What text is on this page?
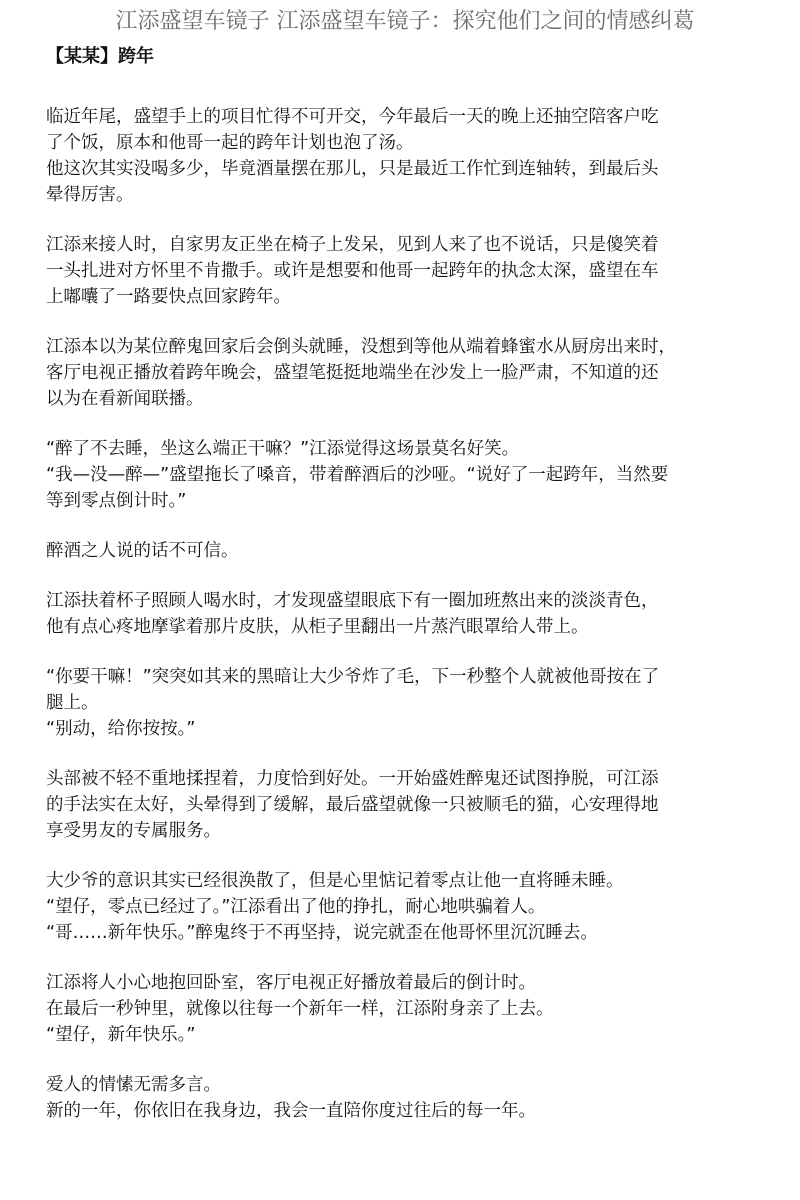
江添盛望车镜子 江添盛望车镜子：探究他们之间的情感纠葛
【某某】跨年

临近年尾，盛望手上的项目忙得不可开交，今年最后一天的晚上还抽空陪客户吃
了个饭，原本和他哥一起的跨年计划也泡了汤。
他这次其实没喝多少，毕竟酒量摆在那儿，只是最近工作忙到连轴转，到最后头
晕得厉害。

江添来接人时，自家男友正坐在椅子上发呆，见到人来了也不说话，只是傻笑着
一头扎进对方怀里不肯撒手。或许是想要和他哥一起跨年的执念太深，盛望在车
上嘟囔了一路要快点回家跨年。

江添本以为某位醉鬼回家后会倒头就睡，没想到等他从端着蜂蜜水从厨房出来时，
客厅电视正播放着跨年晚会，盛望笔挺挺地端坐在沙发上一脸严肃，不知道的还
以为在看新闻联播。

“醉了不去睡，坐这么端正干嘛？”江添觉得这场景莫名好笑。
“我—没—醉—”盛望拖长了嗓音，带着醉酒后的沙哑。“说好了一起跨年，当然要
等到零点倒计时。”

醉酒之人说的话不可信。

江添扶着杯子照顾人喝水时，才发现盛望眼底下有一圈加班熬出来的淡淡青色，
他有点心疼地摩挲着那片皮肤，从柜子里翻出一片蒸汽眼罩给人带上。

“你要干嘛！”突突如其来的黑暗让大少爷炸了毛，下一秒整个人就被他哥按在了
腿上。
“别动，给你按按。”

头部被不轻不重地揉捏着，力度恰到好处。一开始盛姓醉鬼还试图挣脱，可江添
的手法实在太好，头晕得到了缓解，最后盛望就像一只被顺毛的猫，心安理得地
享受男友的专属服务。

大少爷的意识其实已经很涣散了，但是心里惦记着零点让他一直将睡未睡。
“望仔，零点已经过了。”江添看出了他的挣扎，耐心地哄骗着人。
“哥……新年快乐。”醉鬼终于不再坚持，说完就歪在他哥怀里沉沉睡去。

江添将人小心地抱回卧室，客厅电视正好播放着最后的倒计时。
在最后一秒钟里，就像以往每一个新年一样，江添附身亲了上去。
“望仔，新年快乐。”

爱人的情愫无需多言。
新的一年，你依旧在我身边，我会一直陪你度过往后的每一年。
